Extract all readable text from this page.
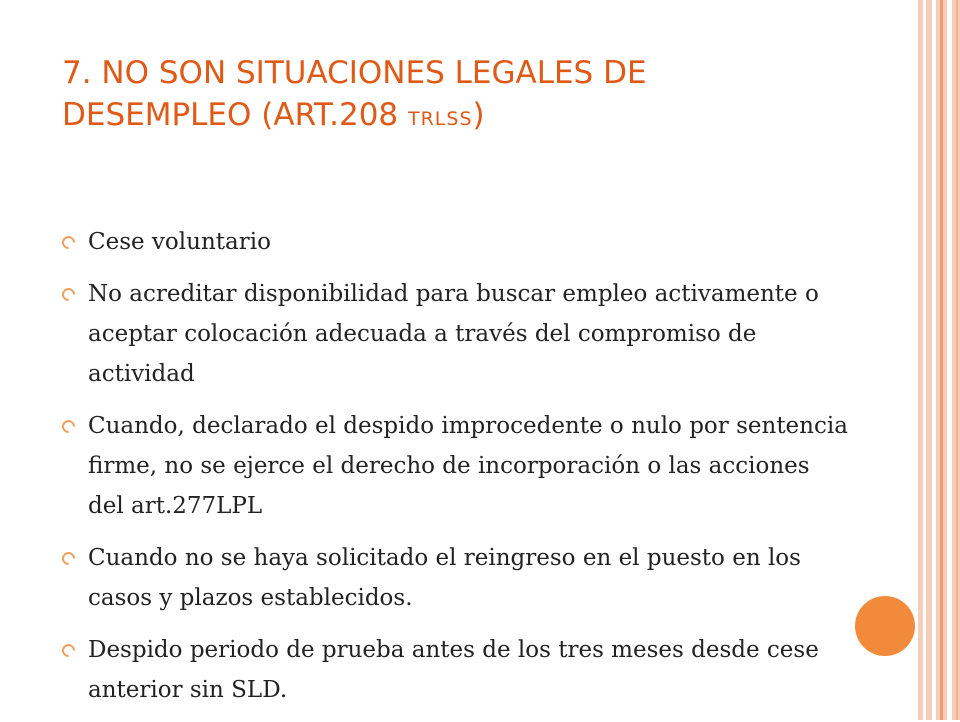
7. NO SON SITUACIONES LEGALES DE DESEMPLEO (ART.208 TRLSS)
Cese voluntario
No acreditar disponibilidad para buscar empleo activamente o aceptar colocación adecuada a través del compromiso de actividad
Cuando, declarado el despido improcedente o nulo por sentencia firme, no se ejerce el derecho de incorporación o las acciones del art.277LPL
Cuando no se haya solicitado el reingreso en el puesto en los casos y plazos establecidos.
Despido periodo de prueba antes de los tres meses desde cese anterior sin SLD.
